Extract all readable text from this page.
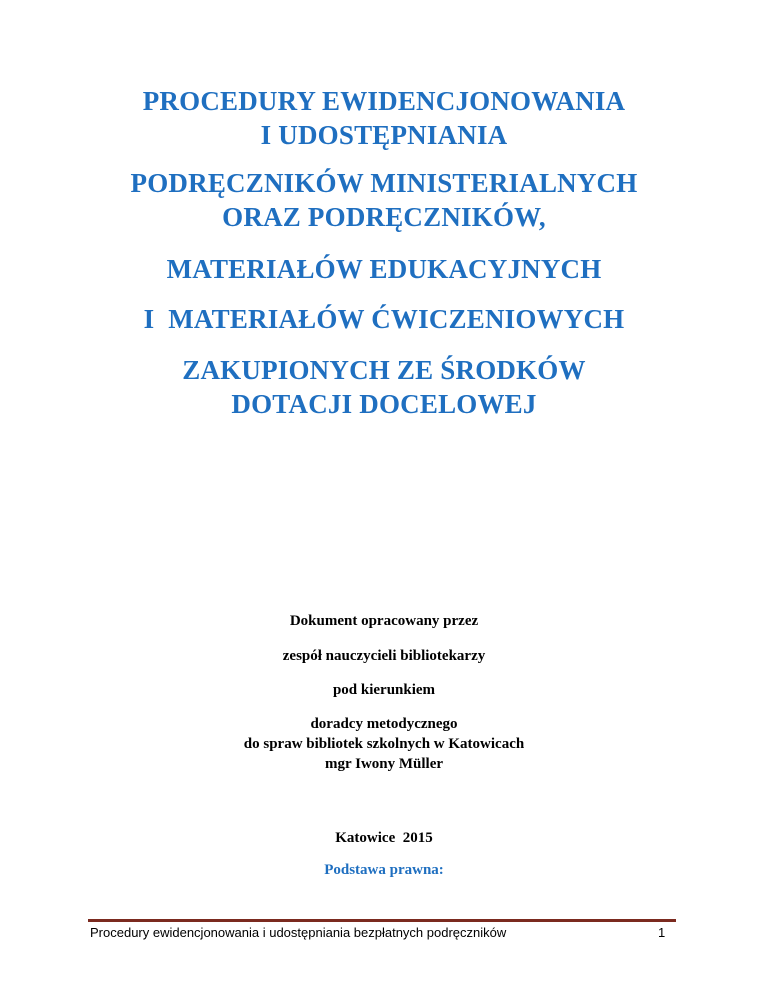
PROCEDURY EWIDENCJONOWANIA
I UDOSTĘPNIANIA
PODRĘCZNIKÓW MINISTERIALNYCH
ORAZ PODRĘCZNIKÓW,
MATERIAŁÓW EDUKACYJNYCH
I  MATERIAŁÓW ĆWICZENIOWYCH
ZAKUPIONYCH ZE ŚRODKÓW
DOTACJI DOCELOWEJ
Dokument opracowany przez
zespół nauczycieli bibliotekarzy
pod kierunkiem
doradcy metodycznego
do spraw bibliotek szkolnych w Katowicach
mgr Iwony Müller
Katowice  2015
Podstawa prawna:
Procedury ewidencjonowania i udostępniania bezpłatnych podręczników	1
